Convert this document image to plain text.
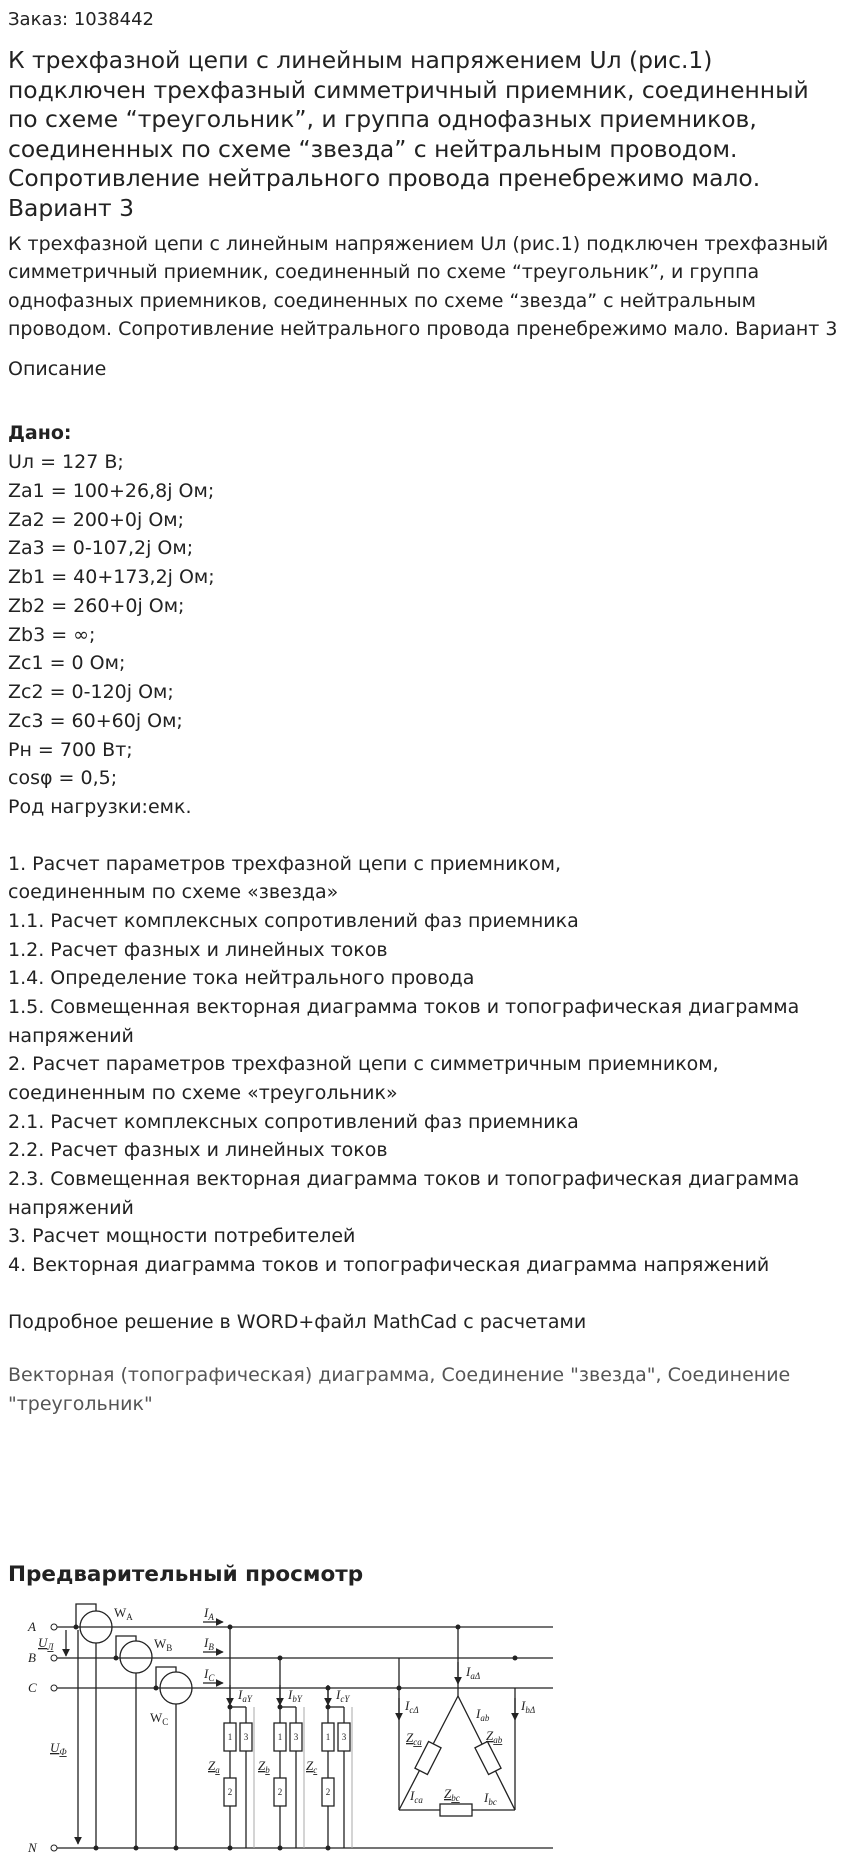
Заказ: 1038442
К трехфазной цепи с линейным напряжением Uл (рис.1) подключен трехфазный симметричный приемник, соединенный по схеме “треугольник”, и группа однофазных приемников, соединенных по схеме “звезда” с нейтральным проводом. Сопротивление нейтрального провода пренебрежимо мало. Вариант 3
К трехфазной цепи с линейным напряжением Uл (рис.1) подключен трехфазный симметричный приемник, соединенный по схеме “треугольник”, и группа однофазных приемников, соединенных по схеме “звезда” с нейтральным проводом. Сопротивление нейтрального провода пренебрежимо мало. Вариант 3
Описание
Дано:
Uл = 127 В;
Za1 = 100+26,8j Ом;
Za2 = 200+0j Ом;
Za3 = 0-107,2j Ом;
Zb1 = 40+173,2j Ом;
Zb2 = 260+0j Ом;
Zb3 = ∞;
Zc1 = 0 Ом;
Zc2 = 0-120j Ом;
Zc3 = 60+60j Ом;
Pн = 700 Вт;
cosφ = 0,5;
Род нагрузки:емк.
1. Расчет параметров трехфазной цепи с приемником,
соединенным по схеме «звезда»
1.1. Расчет комплексных сопротивлений фаз приемника
1.2. Расчет фазных и линейных токов
1.4. Определение тока нейтрального провода
1.5. Совмещенная векторная диаграмма токов и топографическая диаграмма
напряжений
2. Расчет параметров трехфазной цепи с симметричным приемником,
соединенным по схеме «треугольник»
2.1. Расчет комплексных сопротивлений фаз приемника
2.2. Расчет фазных и линейных токов
2.3. Совмещенная векторная диаграмма токов и топографическая диаграмма
напряжений
3. Расчет мощности потребителей
4. Векторная диаграмма токов и топографическая диаграмма напряжений
Подробное решение в WORD+файл MathCad с расчетами
Векторная (топографическая) диаграмма, Соединение "звезда", Соединение "треугольник"
Предварительный просмотр
A
B
C
N
$U_Л$
$U_Ф$
$W_A$
$W_B$
$W_C$
$I_A$
$I_B$
$I_C$
$I_{aY}$	$I_{bY}$	$I_{cY}$
$I_{a\Delta}$
$I_{b\Delta}$
$I_{c\Delta}$	$I_{ab}$
$I_{bc}$
$I_{ca}$
$Z_a$	$Z_b$	$Z_c$
$Z_{ab}$
$Z_{bc}$
$Z_{ca}$
1 3
2
1 3
2
1 3
2
